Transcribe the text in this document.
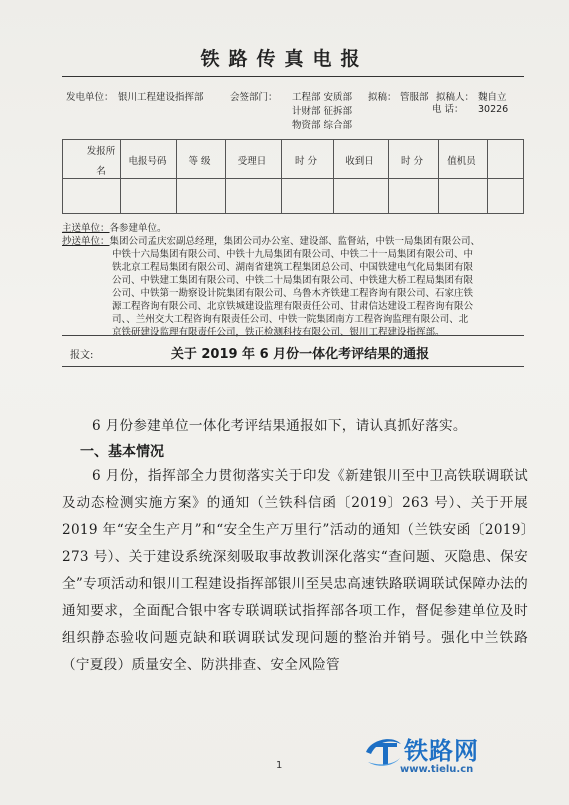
铁路传真电报
发电单位： 银川工程建设指挥部	会签部门： 工程部 安质部
计财部 征拆部
物资部 综合部
拟稿： 管服部 拟稿人： 魏自立
电 话： 30226
发报所
名
电报号码	等 级	受理日	时 分	收到日	时 分	值机员
主送单位：各参建单位。
抄送单位：集团公司孟庆宏副总经理，集团公司办公室、建设部、监督站，中铁一局集团有限公司、
中铁十六局集团有限公司、中铁十九局集团有限公司、中铁二十一局集团有限公司、中
铁北京工程局集团有限公司、湖南省建筑工程集团总公司、中国铁建电气化局集团有限
公司、中铁建工集团有限公司、中铁二十局集团有限公司、中铁建大桥工程局集团有限
公司、中铁第一勘察设计院集团有限公司、乌鲁木齐铁建工程咨询有限公司、石家庄铁
源工程咨询有限公司、北京铁城建设监理有限责任公司、甘肃信达建设工程咨询有限公
司、、兰州交大工程咨询有限责任公司、中铁一院集团南方工程咨询监理有限公司、北
京铁研建设监理有限责任公司，铁正检测科技有限公司、银川工程建设指挥部。
报文:	关于 2019 年 6 月份一体化考评结果的通报
6 月份参建单位一体化考评结果通报如下，请认真抓好落实。
一、基本情况
6 月份，指挥部全力贯彻落实关于印发《新建银川至中卫高铁联调联试及动态检测实施方案》的通知（兰铁科信函〔2019〕263 号）、关于开展 2019 年“安全生产月”和“安全生产万里行”活动的通知（兰铁安函〔2019〕273 号）、关于建设系统深刻吸取事故教训深化落实“查问题、灭隐患、保安全”专项活动和银川工程建设指挥部银川至吴忠高速铁路联调联试保障办法的通知要求，全面配合银中客专联调联试指挥部各项工作，督促参建单位及时组织静态验收问题克缺和联调联试发现问题的整治并销号。强化中兰铁路（宁夏段）质量安全、防洪排查、安全风险管
1
铁路网
www.tielu.cn
